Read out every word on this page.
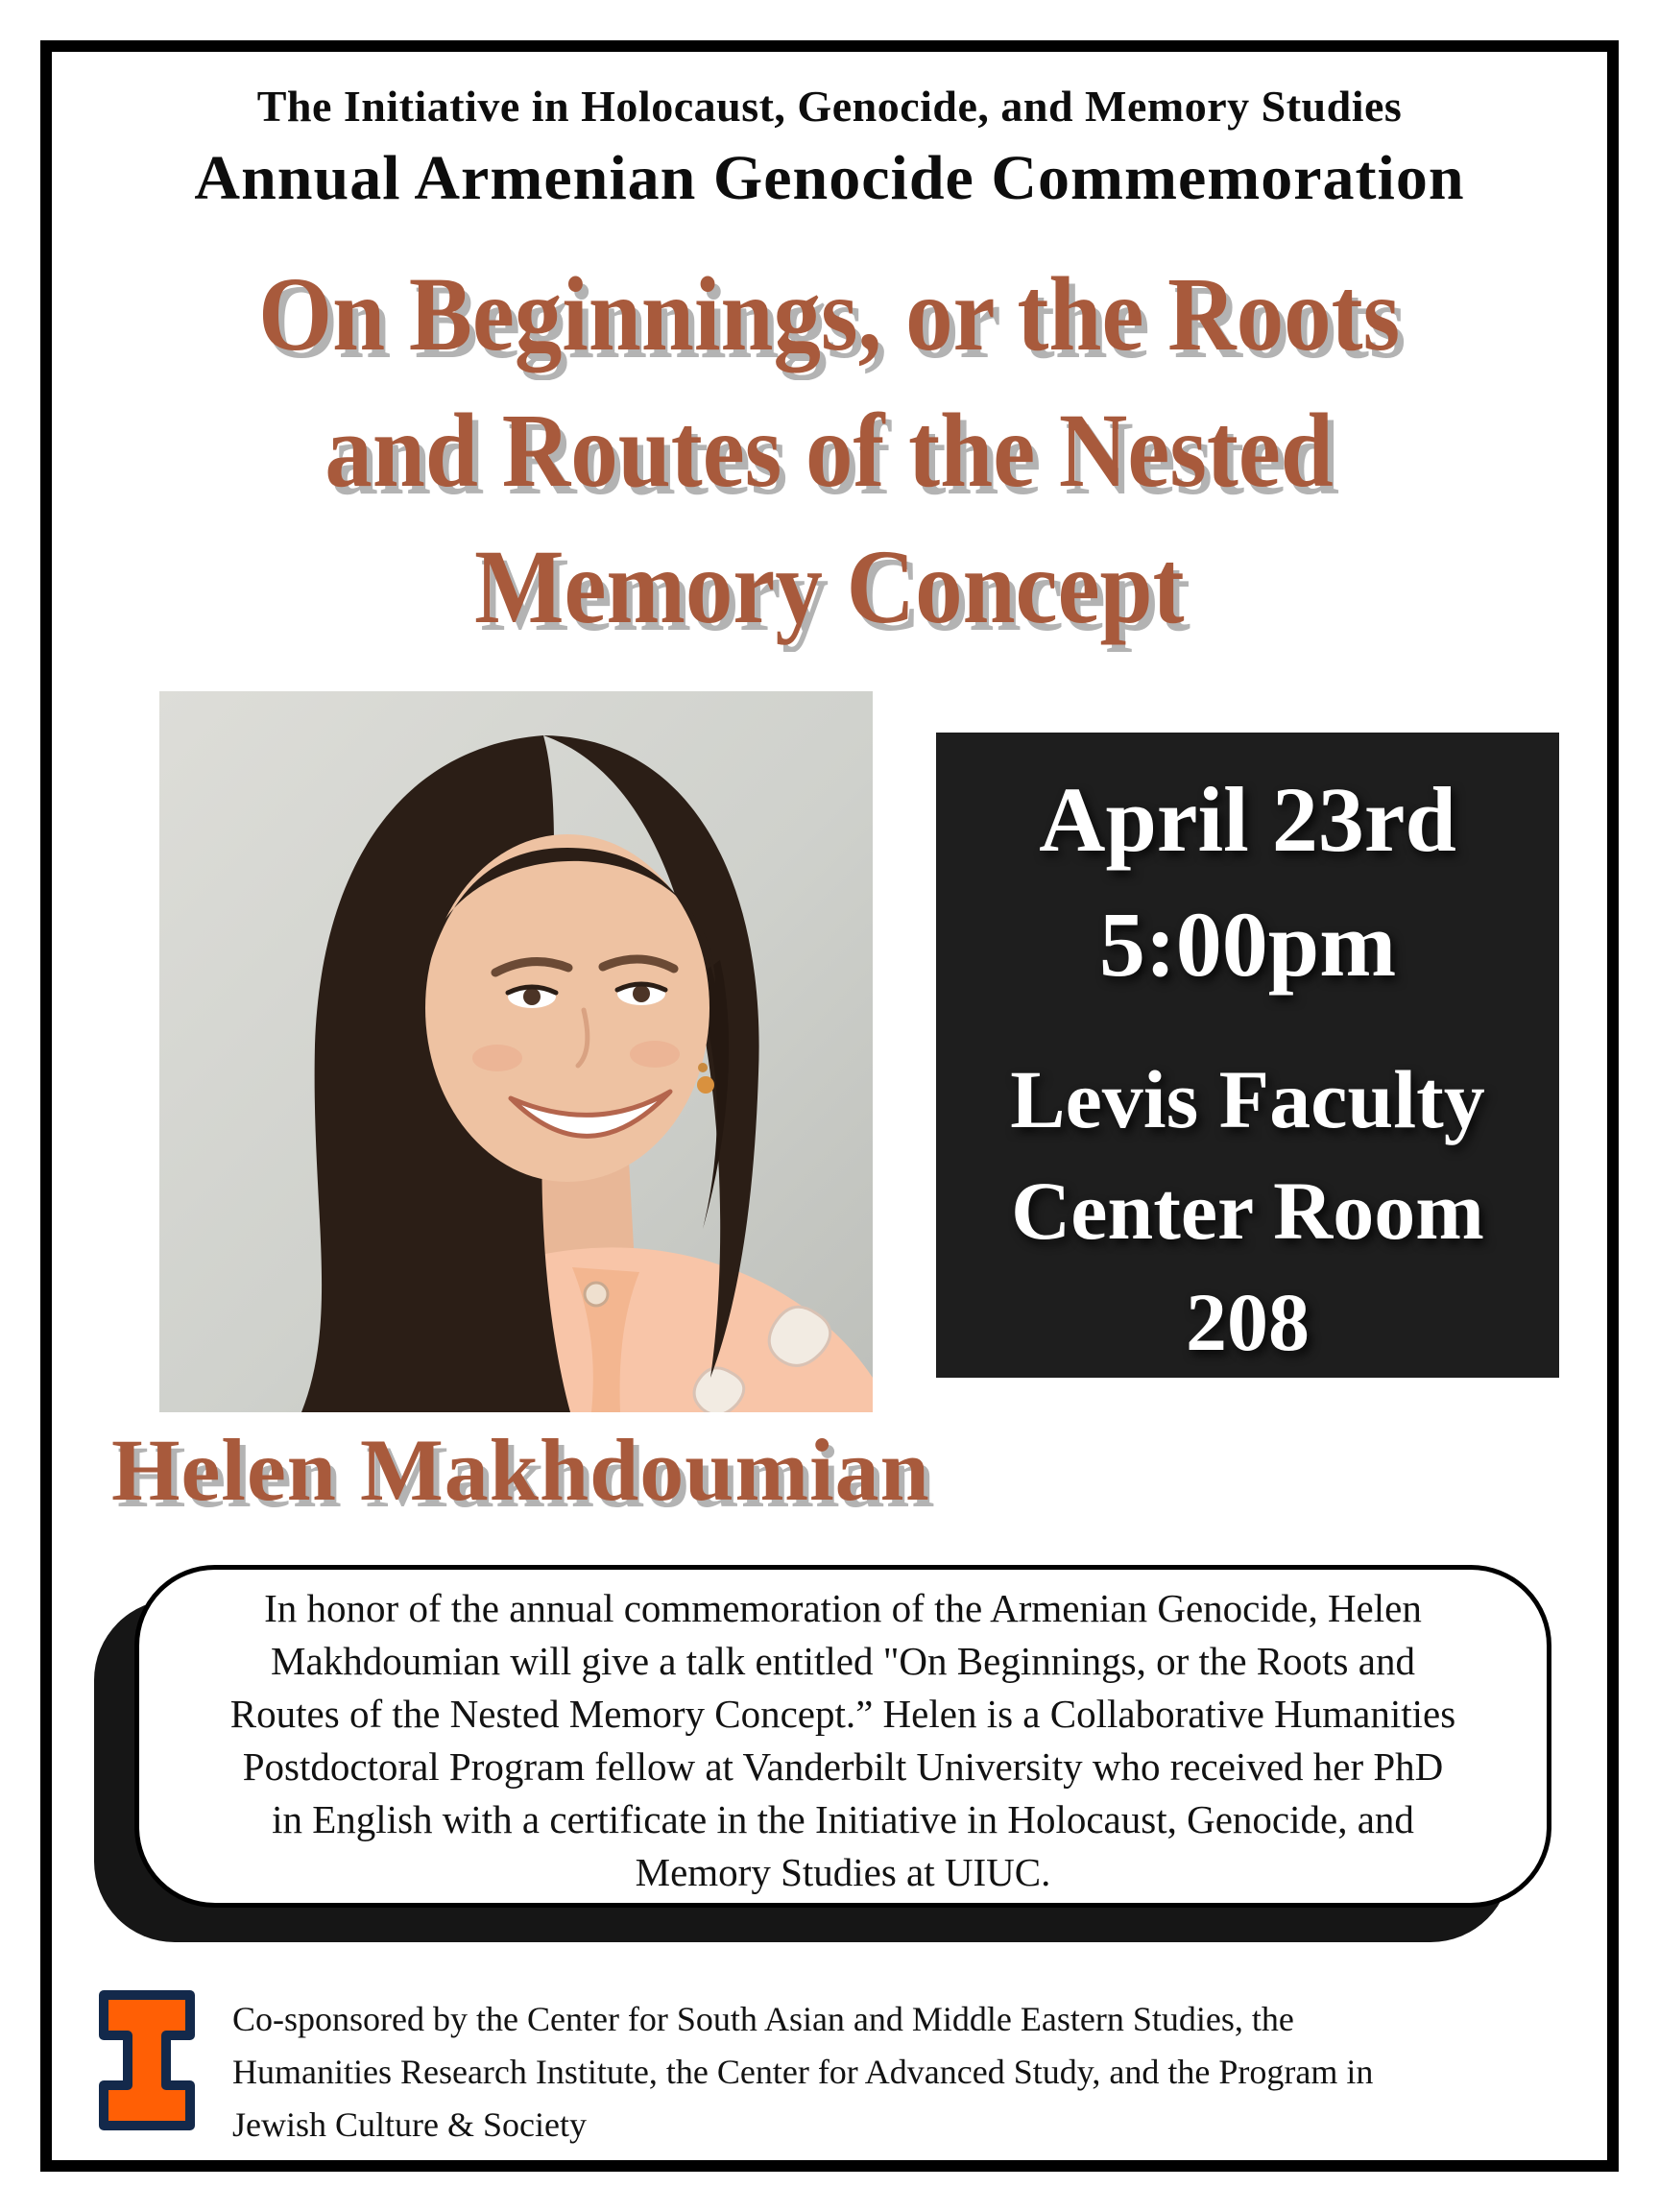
The Initiative in Holocaust, Genocide, and Memory Studies
Annual Armenian Genocide Commemoration
On Beginnings, or the Roots
and Routes of the Nested
Memory Concept
April 23rd
5:00pm
Levis Faculty
Center Room
208
Helen Makhdoumian
In honor of the annual commemoration of the Armenian Genocide, Helen
Makhdoumian will give a talk entitled "On Beginnings, or the Roots and
Routes of the Nested Memory Concept.” Helen is a Collaborative Humanities
Postdoctoral Program fellow at Vanderbilt University who received her PhD
in English with a certificate in the Initiative in Holocaust, Genocide, and
Memory Studies at UIUC.
Co-sponsored by the Center for South Asian and Middle Eastern Studies, the
Humanities Research Institute, the Center for Advanced Study, and the Program in
Jewish Culture & Society
